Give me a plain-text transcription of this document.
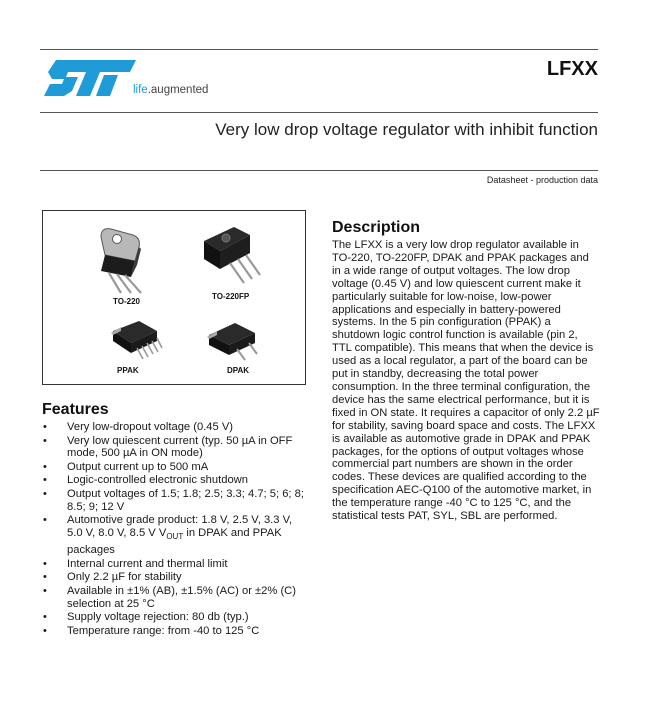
life.augmented
LFXX
Very low drop voltage regulator with inhibit function
Datasheet - production data
TO-220
TO-220FP
PPAK	DPAK
Features
• Very low-dropout voltage (0.45 V)
• Very low quiescent current (typ. 50 µA in OFF mode, 500 µA in ON mode)
• Output current up to 500 mA
• Logic-controlled electronic shutdown
• Output voltages of 1.5; 1.8; 2.5; 3.3; 4.7; 5; 6; 8; 8.5; 9; 12 V
• Automotive grade product: 1.8 V, 2.5 V, 3.3 V, 5.0 V, 8.0 V, 8.5 V $V_{OUT}$ in DPAK and PPAK packages
• Internal current and thermal limit
• Only 2.2 µF for stability
• Available in ±1% (AB), ±1.5% (AC) or ±2% (C) selection at 25 °C
• Supply voltage rejection: 80 db (typ.)
• Temperature range: from -40 to 125 °C
Description

The LFXX is a very low drop regulator available in TO-220, TO-220FP, DPAK and PPAK packages and in a wide range of output voltages. The low drop voltage (0.45 V) and low quiescent current make it particularly suitable for low-noise, low-power applications and especially in battery-powered systems. In the 5 pin configuration (PPAK) a shutdown logic control function is available (pin 2, TTL compatible). This means that when the device is used as a local regulator, a part of the board can be put in standby, decreasing the total power consumption. In the three terminal configuration, the device has the same electrical performance, but it is fixed in ON state. It requires a capacitor of only 2.2 µF for stability, saving board space and costs. The LFXX is available as automotive grade in DPAK and PPAK packages, for the options of output voltages whose commercial part numbers are shown in the order codes. These devices are qualified according to the specification AEC-Q100 of the automotive market, in the temperature range -40 °C to 125 °C, and the statistical tests PAT, SYL, SBL are performed.
